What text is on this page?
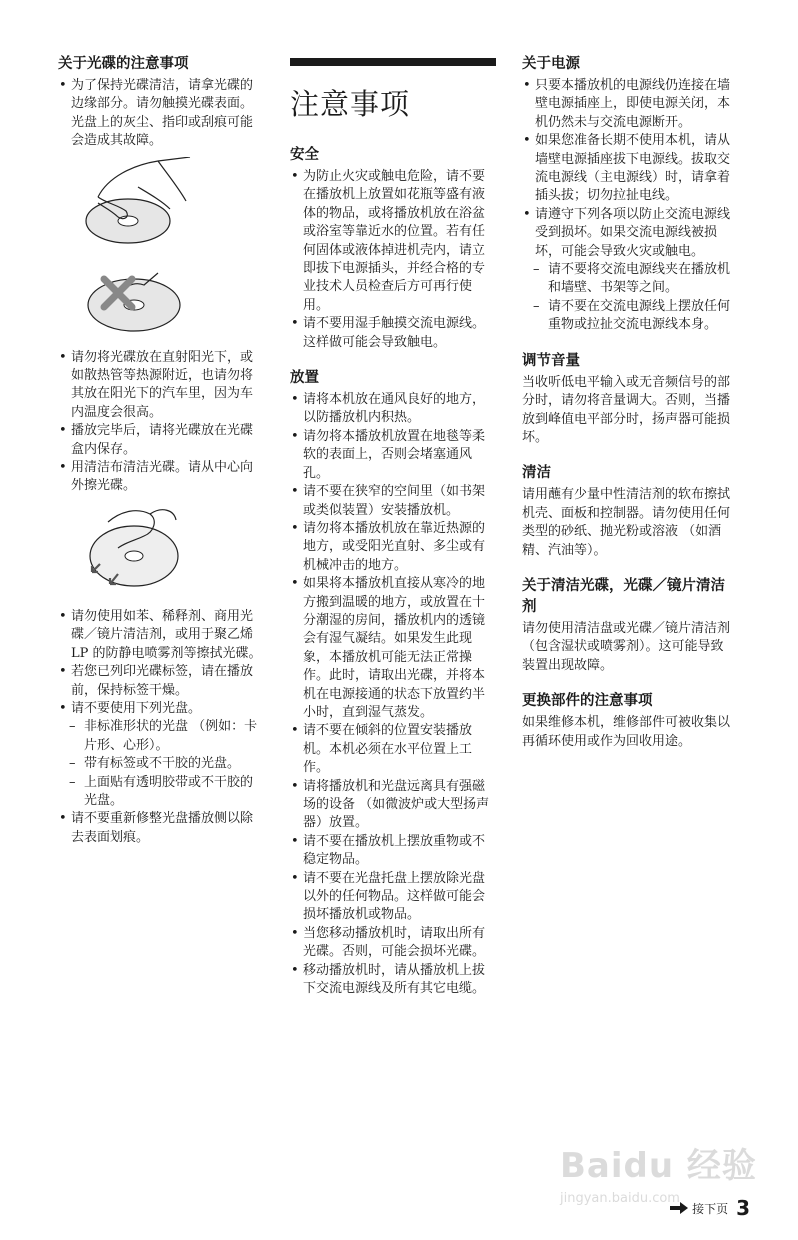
关于光碟的注意事项
• 为了保持光碟清洁，请拿光碟的边缘部分。请勿触摸光碟表面。

光盘上的灰尘、指印或刮痕可能会造成其故障。

• 请勿将光碟放在直射阳光下，或如散热管等热源附近，也请勿将其放在阳光下的汽车里，因为车内温度会很高。
• 播放完毕后，请将光碟放在光碟盒内保存。
• 用清洁布清洁光碟。请从中心向外擦光碟。
• 请勿使用如苯、稀释剂、商用光碟／镜片清洁剂，或用于聚乙烯 LP 的防静电喷雾剂等擦拭光碟。
• 若您已列印光碟标签，请在播放前，保持标签干燥。
• 请不要使用下列光盘。
– 非标准形状的光盘 （例如：卡片形、心形）。
– 带有标签或不干胶的光盘。
– 上面贴有透明胶带或不干胶的光盘。
• 请不要重新修整光盘播放侧以除去表面划痕。
注意事项
安全
• 为防止火灾或触电危险，请不要在播放机上放置如花瓶等盛有液体的物品，或将播放机放在浴盆或浴室等靠近水的位置。若有任何固体或液体掉进机壳内，请立即拔下电源插头，并经合格的专业技术人员检查后方可再行使用。
• 请不要用湿手触摸交流电源线。这样做可能会导致触电。
放置
• 请将本机放在通风良好的地方，以防播放机内积热。
• 请勿将本播放机放置在地毯等柔软的表面上，否则会堵塞通风孔。
• 请不要在狭窄的空间里（如书架或类似装置）安装播放机。
• 请勿将本播放机放在靠近热源的地方，或受阳光直射、多尘或有机械冲击的地方。
• 如果将本播放机直接从寒冷的地方搬到温暖的地方，或放置在十分潮湿的房间，播放机内的透镜会有湿气凝结。如果发生此现象，本播放机可能无法正常操作。此时，请取出光碟，并将本机在电源接通的状态下放置约半小时，直到湿气蒸发。
• 请不要在倾斜的位置安装播放机。本机必须在水平位置上工作。
• 请将播放机和光盘远离具有强磁场的设备 （如微波炉或大型扬声器）放置。
• 请不要在播放机上摆放重物或不稳定物品。
• 请不要在光盘托盘上摆放除光盘以外的任何物品。这样做可能会损坏播放机或物品。
• 当您移动播放机时，请取出所有光碟。否则，可能会损坏光碟。
• 移动播放机时，请从播放机上拔下交流电源线及所有其它电缆。
关于电源
• 只要本播放机的电源线仍连接在墙壁电源插座上，即使电源关闭，本机仍然未与交流电源断开。
• 如果您准备长期不使用本机，请从墙壁电源插座拔下电源线。拔取交流电源线（主电源线）时，请拿着插头拔；切勿拉扯电线。
• 请遵守下列各项以防止交流电源线受到损坏。如果交流电源线被损坏，可能会导致火灾或触电。
– 请不要将交流电源线夹在播放机和墙壁、书架等之间。
– 请不要在交流电源线上摆放任何重物或拉扯交流电源线本身。
调节音量

当收听低电平输入或无音频信号的部分时，请勿将音量调大。否则，当播放到峰值电平部分时，扬声器可能损坏。

清洁

请用蘸有少量中性清洁剂的软布擦拭机壳、面板和控制器。请勿使用任何类型的砂纸、抛光粉或溶液 （如酒精、汽油等）。

关于清洁光碟，光碟／镜片清洁剂

请勿使用清洁盘或光碟／镜片清洁剂 （包含湿状或喷雾剂）。这可能导致装置出现故障。

更换部件的注意事项

如果维修本机，维修部件可被收集以再循环使用或作为回收用途。

Baidu 经验
jingyan.baidu.com
接下页 3
